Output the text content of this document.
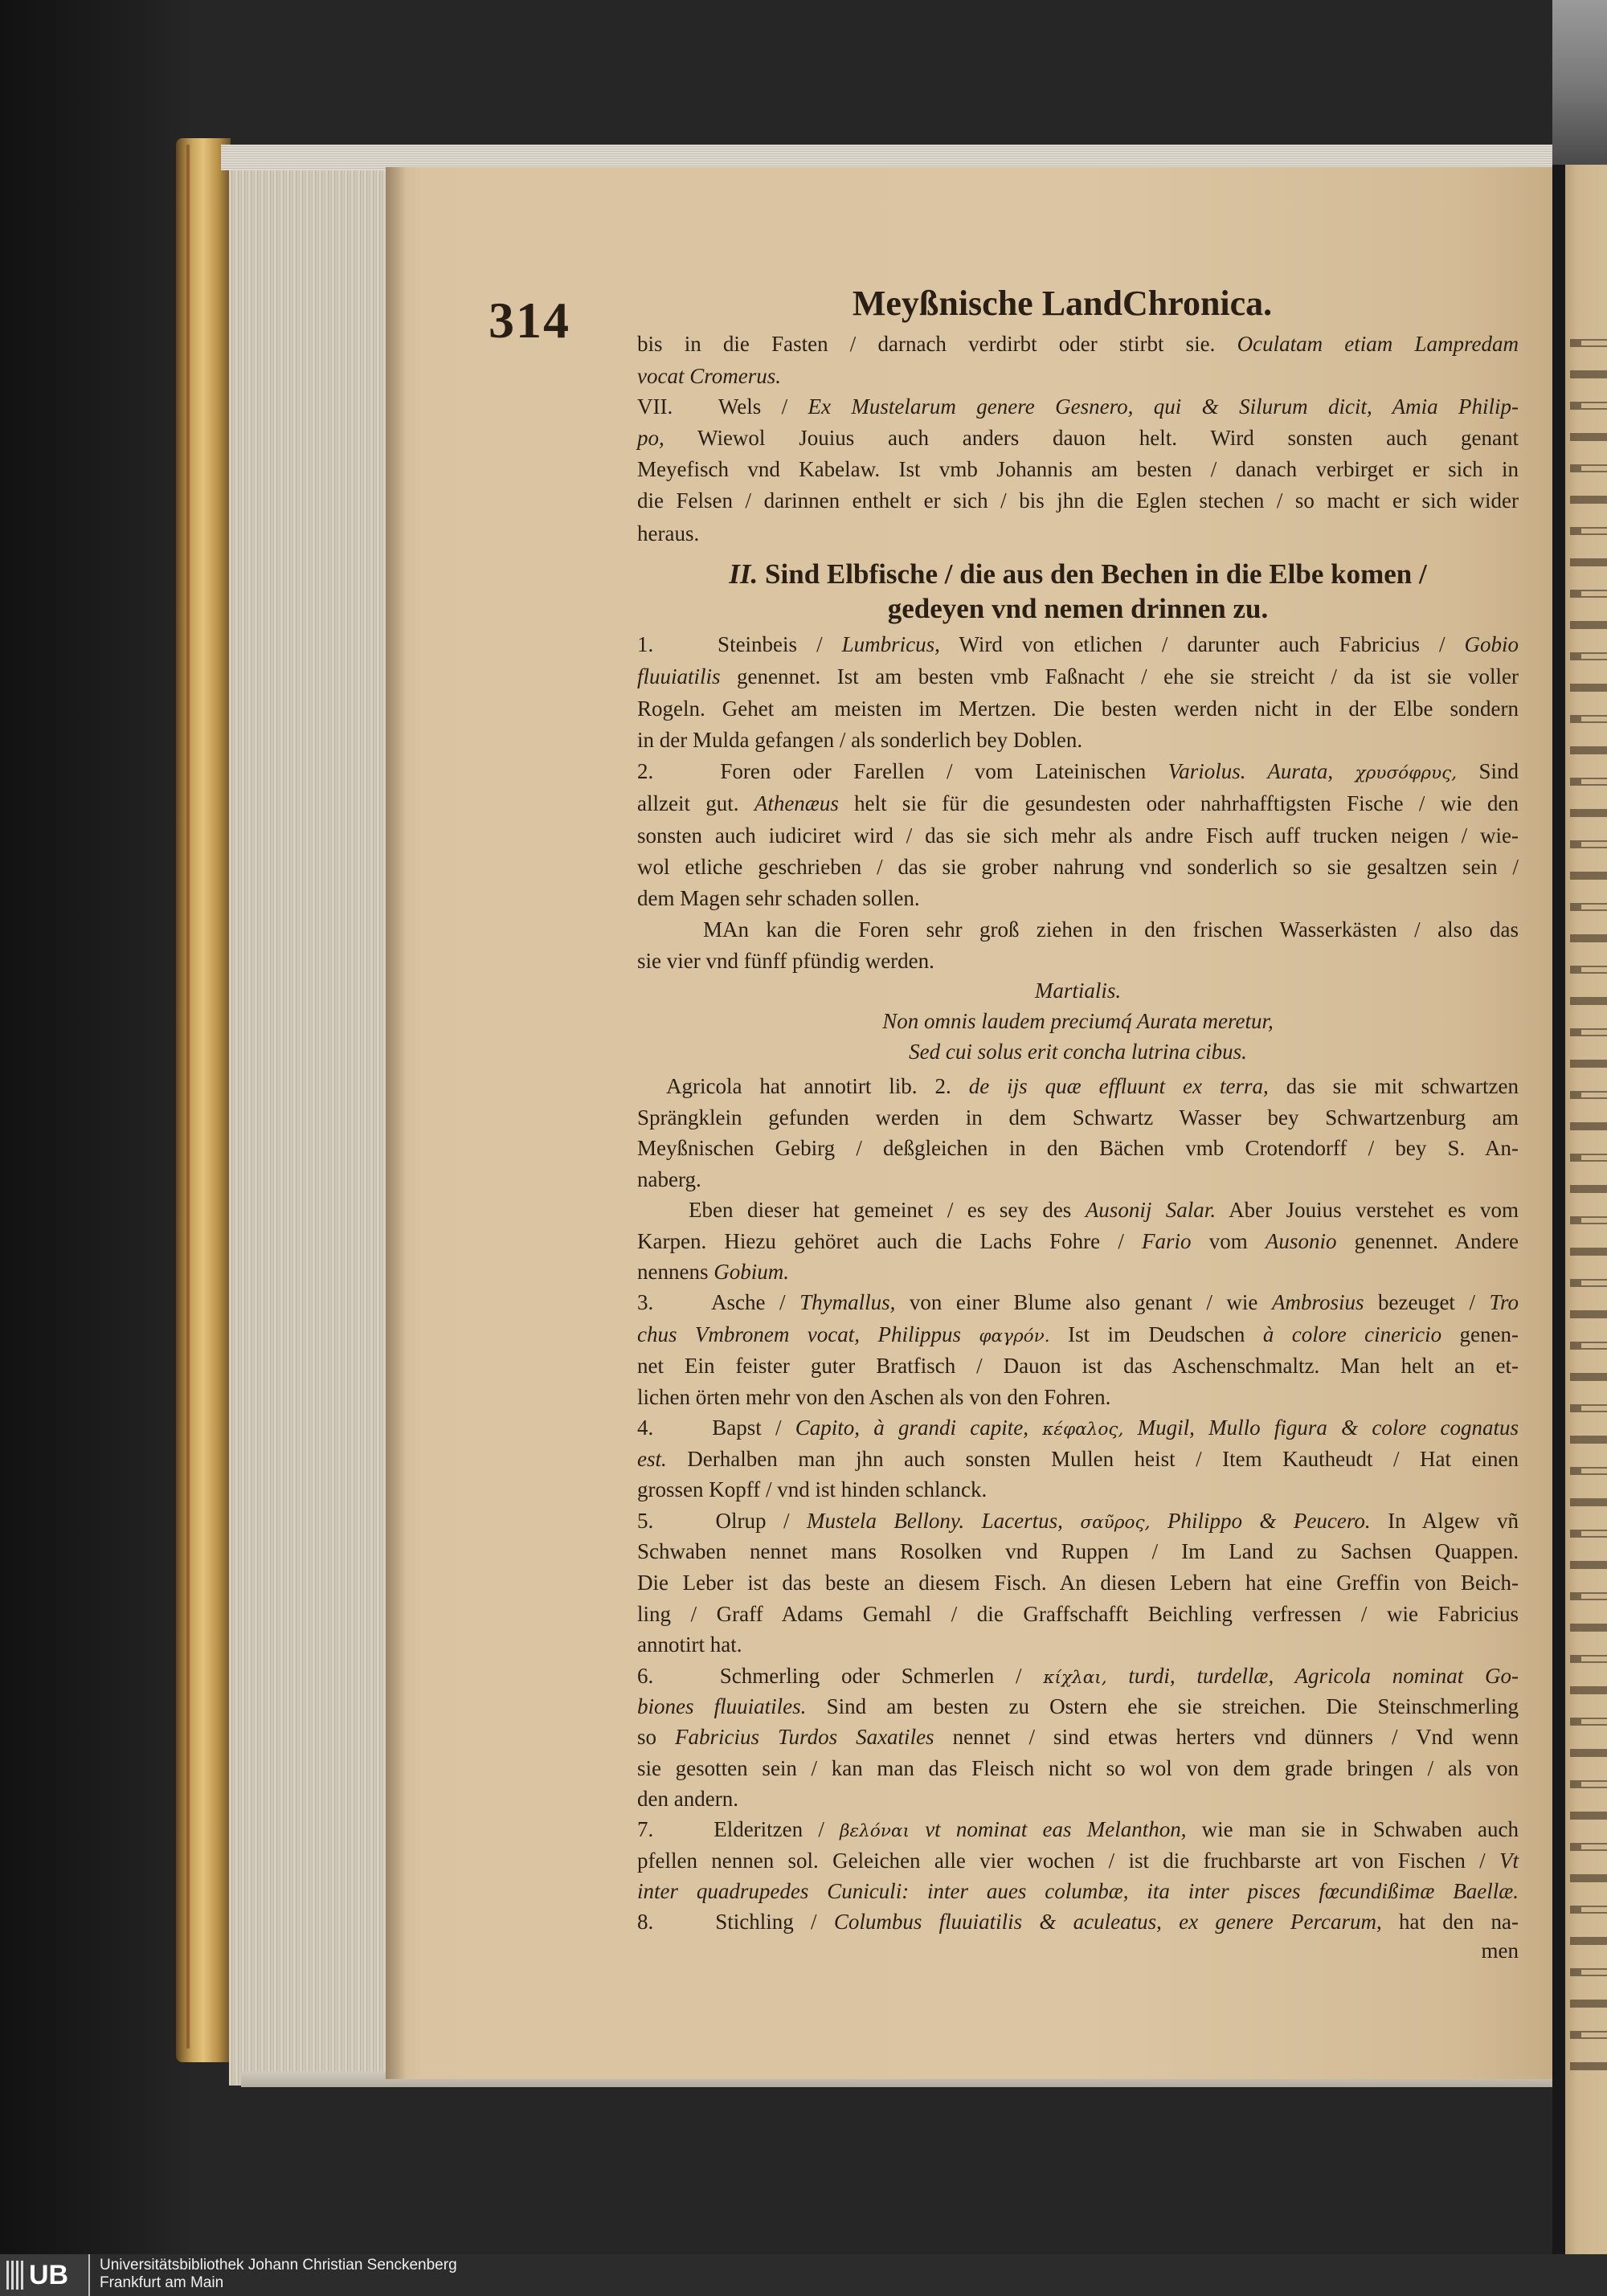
314	Meyßnische LandChronica.
bis in die Fasten / darnach verdirbt oder stirbt sie. Oculatam etiam Lampredam
vocat Cromerus.
VII. Wels / Ex Mustelarum genere Gesnero, qui & Silurum dicit, Amia Philip-
po, Wiewol Jouius auch anders dauon helt. Wird sonsten auch genant
Meyefisch vnd Kabelaw. Ist vmb Johannis am besten / danach verbirget er sich in
die Felsen / darinnen enthelt er sich / bis jhn die Eglen stechen / so macht er sich wider
heraus.
II. Sind Elbfische / die aus den Bechen in die Elbe komen /
gedeyen vnd nemen drinnen zu.
1.	Steinbeis / Lumbricus, Wird von etlichen / darunter auch Fabricius / Gobio
fluuiatilis genennet. Ist am besten vmb Faßnacht / ehe sie streicht / da ist sie voller
Rogeln. Gehet am meisten im Mertzen. Die besten werden nicht in der Elbe sondern
in der Mulda gefangen / als sonderlich bey Doblen.
2.	Foren oder Farellen / vom Lateinischen Variolus. Aurata, χρυσόφρυς, Sind
allzeit gut. Athenæus helt sie für die gesundesten oder nahrhafftigsten Fische / wie den
sonsten auch iudiciret wird / das sie sich mehr als andre Fisch auff trucken neigen / wie-
wol etliche geschrieben / das sie grober nahrung vnd sonderlich so sie gesaltzen sein /
dem Magen sehr schaden sollen.
MAn kan die Foren sehr groß ziehen in den frischen Wasserkästen / also das
sie vier vnd fünff pfündig werden.
Martialis.
Non omnis laudem preciumq́ Aurata meretur,
Sed cui solus erit concha lutrina cibus.
Agricola hat annotirt lib. 2. de ijs quæ effluunt ex terra, das sie mit schwartzen
Sprängklein gefunden werden in dem Schwartz Wasser bey Schwartzenburg am
Meyßnischen Gebirg / deßgleichen in den Bächen vmb Crotendorff / bey S. An-
naberg.
Eben dieser hat gemeinet / es sey des Ausonij Salar. Aber Jouius verstehet es vom
Karpen. Hiezu gehöret auch die Lachs Fohre / Fario vom Ausonio genennet. Andere
nennens Gobium.
3.	Asche / Thymallus, von einer Blume also genant / wie Ambrosius bezeuget / Tro
chus Vmbronem vocat, Philippus φαγρόν. Ist im Deudschen à colore cinericio genen-
net Ein feister guter Bratfisch / Dauon ist das Aschenschmaltz. Man helt an et-
lichen örten mehr von den Aschen als von den Fohren.
4.	Bapst / Capito, à grandi capite, κέφαλος, Mugil, Mullo figura & colore cognatus
est. Derhalben man jhn auch sonsten Mullen heist / Item Kautheudt / Hat einen
grossen Kopff / vnd ist hinden schlanck.
5.	Olrup / Mustela Bellony. Lacertus, σαῦρος, Philippo & Peucero. In Algew vñ
Schwaben nennet mans Rosolken vnd Ruppen / Im Land zu Sachsen Quappen.
Die Leber ist das beste an diesem Fisch. An diesen Lebern hat eine Greffin von Beich-
ling / Graff Adams Gemahl / die Graffschafft Beichling verfressen / wie Fabricius
annotirt hat.
6.	Schmerling oder Schmerlen / κίχλαι, turdi, turdellæ, Agricola nominat Go-
biones fluuiatiles. Sind am besten zu Ostern ehe sie streichen. Die Steinschmerling
so Fabricius Turdos Saxatiles nennet / sind etwas herters vnd dünners / Vnd wenn
sie gesotten sein / kan man das Fleisch nicht so wol von dem grade bringen / als von
den andern.
7.	Elderitzen / βελόναι vt nominat eas Melanthon, wie man sie in Schwaben auch
pfellen nennen sol. Geleichen alle vier wochen / ist die fruchbarste art von Fischen / Vt
inter quadrupedes Cuniculi: inter aues columbæ, ita inter pisces fœcundißimæ Baellæ.
8.	Stichling / Columbus fluuiatilis & aculeatus, ex genere Percarum, hat den na-
men
UB	Universitätsbibliothek Johann Christian Senckenberg
Frankfurt am Main
